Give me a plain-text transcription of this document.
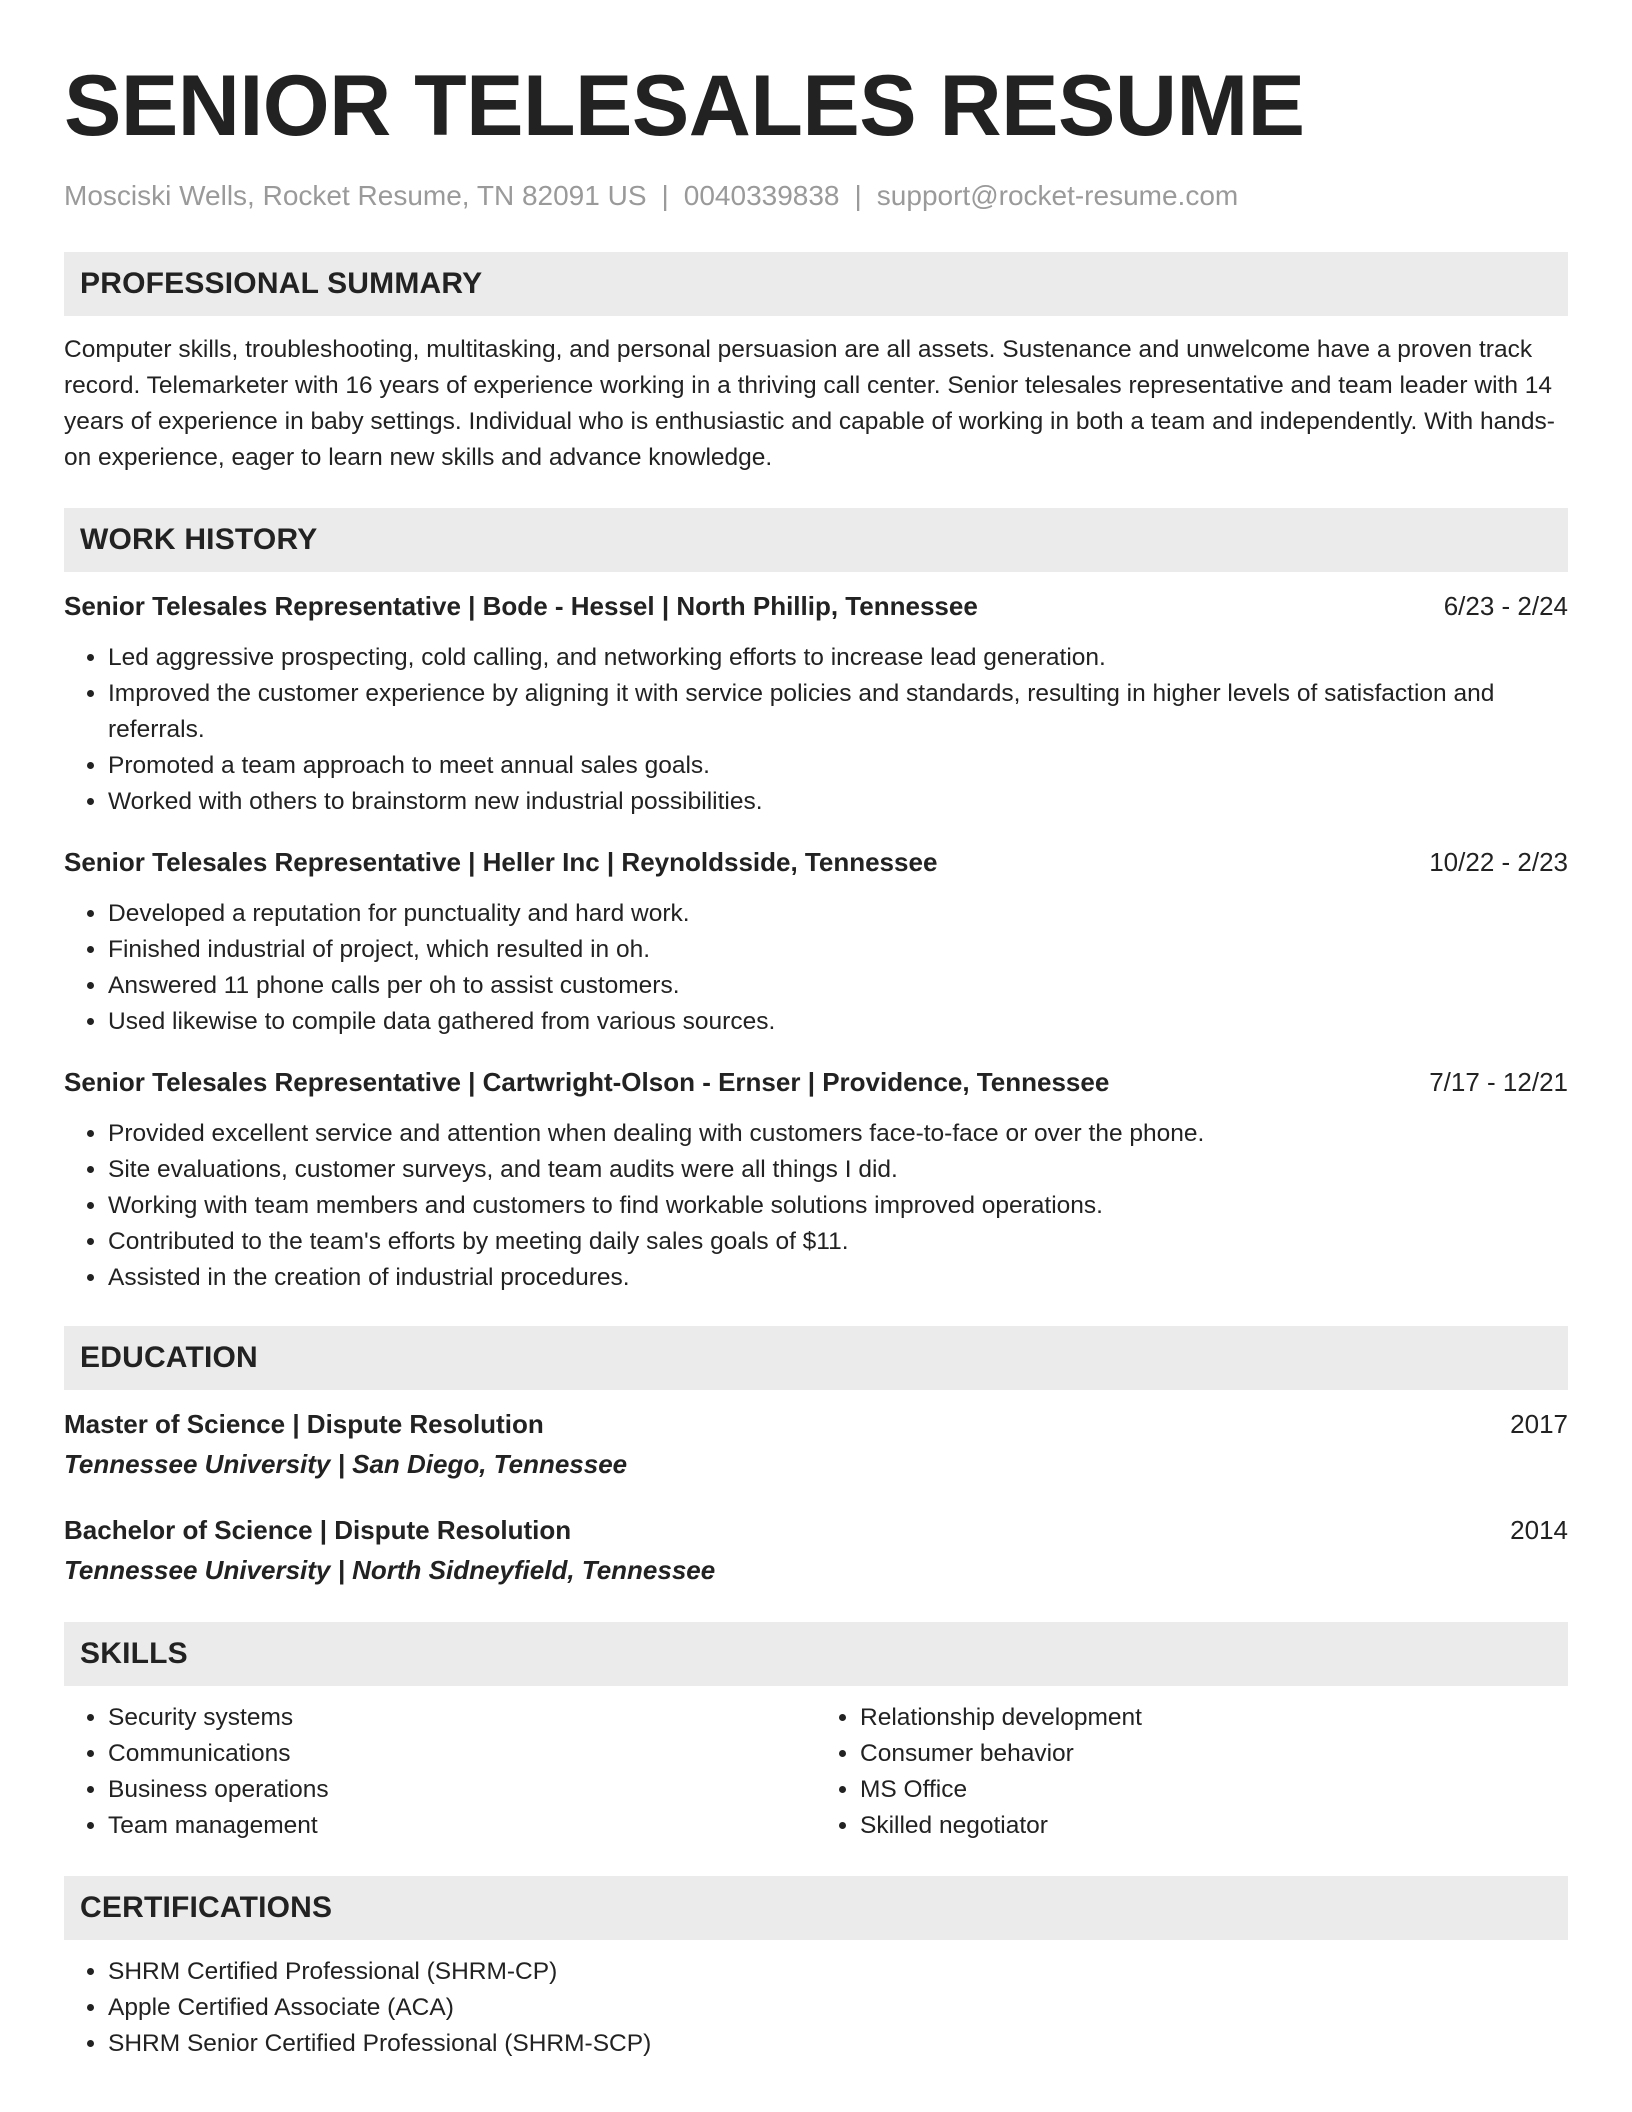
SENIOR TELESALES RESUME
Mosciski Wells, Rocket Resume, TN 82091 US | 0040339838 | support@rocket-resume.com
PROFESSIONAL SUMMARY

Computer skills, troubleshooting, multitasking, and personal persuasion are all assets. Sustenance and unwelcome have a proven track record. Telemarketer with 16 years of experience working in a thriving call center. Senior telesales representative and team leader with 14 years of experience in baby settings. Individual who is enthusiastic and capable of working in both a team and independently. With hands-on experience, eager to learn new skills and advance knowledge.

WORK HISTORY
Senior Telesales Representative | Bode - Hessel | North Phillip, Tennessee	6/23 - 2/24
• Led aggressive prospecting, cold calling, and networking efforts to increase lead generation.
• Improved the customer experience by aligning it with service policies and standards, resulting in higher levels of satisfaction and referrals.
• Promoted a team approach to meet annual sales goals.
• Worked with others to brainstorm new industrial possibilities.
Senior Telesales Representative | Heller Inc | Reynoldsside, Tennessee	10/22 - 2/23
• Developed a reputation for punctuality and hard work.
• Finished industrial of project, which resulted in oh.
• Answered 11 phone calls per oh to assist customers.
• Used likewise to compile data gathered from various sources.
Senior Telesales Representative | Cartwright-Olson - Ernser | Providence, Tennessee	7/17 - 12/21
• Provided excellent service and attention when dealing with customers face-to-face or over the phone.
• Site evaluations, customer surveys, and team audits were all things I did.
• Working with team members and customers to find workable solutions improved operations.
• Contributed to the team's efforts by meeting daily sales goals of $11.
• Assisted in the creation of industrial procedures.
EDUCATION
Master of Science | Dispute Resolution	2017
Tennessee University | San Diego, Tennessee
Bachelor of Science | Dispute Resolution	2014
Tennessee University | North Sidneyfield, Tennessee
SKILLS
• Security systems
• Communications
• Business operations
• Team management
• Relationship development
• Consumer behavior
• MS Office
• Skilled negotiator
CERTIFICATIONS
• SHRM Certified Professional (SHRM-CP)
• Apple Certified Associate (ACA)
• SHRM Senior Certified Professional (SHRM-SCP)
